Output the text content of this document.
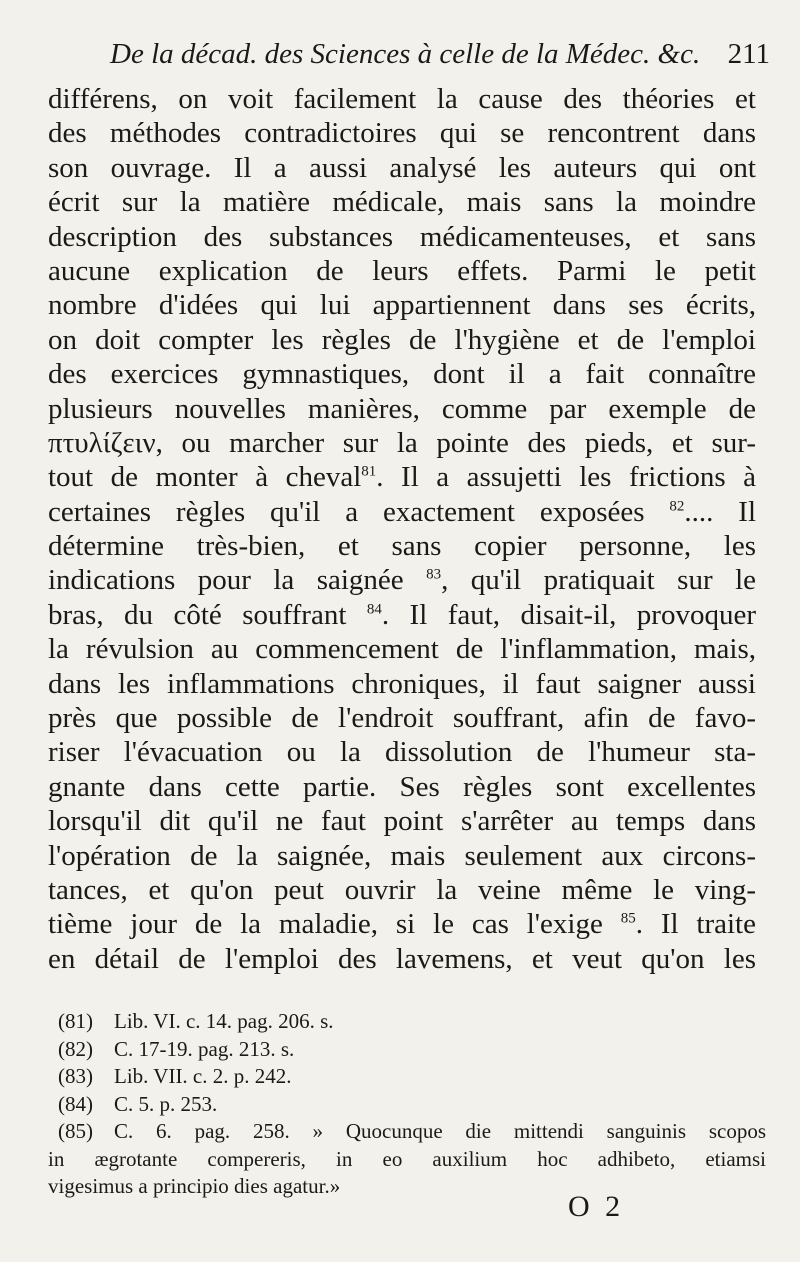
De la décad. des Sciences à celle de la Médec. &c. 211
différens, on voit facilement la cause des théories et
des méthodes contradictoires qui se rencontrent dans
son ouvrage. Il a aussi analysé les auteurs qui ont
écrit sur la matière médicale, mais sans la moindre
description des substances médicamenteuses, et sans
aucune explication de leurs effets. Parmi le petit
nombre d'idées qui lui appartiennent dans ses écrits,
on doit compter les règles de l'hygiène et de l'emploi
des exercices gymnastiques, dont il a fait connaître
plusieurs nouvelles manières, comme par exemple de
πτυλίζειν, ou marcher sur la pointe des pieds, et sur-
tout de monter à cheval$^{81}$. Il a assujetti les frictions à
certaines règles qu'il a exactement exposées $^{82}$.... Il
détermine très-bien, et sans copier personne, les
indications pour la saignée $^{83}$, qu'il pratiquait sur le
bras, du côté souffrant $^{84}$. Il faut, disait-il, provoquer
la révulsion au commencement de l'inflammation, mais,
dans les inflammations chroniques, il faut saigner aussi
près que possible de l'endroit souffrant, afin de favo-
riser l'évacuation ou la dissolution de l'humeur sta-
gnante dans cette partie. Ses règles sont excellentes
lorsqu'il dit qu'il ne faut point s'arrêter au temps dans
l'opération de la saignée, mais seulement aux circons-
tances, et qu'on peut ouvrir la veine même le ving-
tième jour de la maladie, si le cas l'exige $^{85}$. Il traite
en détail de l'emploi des lavemens, et veut qu'on les
(81) Lib. VI. c. 14. pag. 206. s.
(82) C. 17-19. pag. 213. s.
(83) Lib. VII. c. 2. p. 242.
(84) C. 5. p. 253.
(85) C. 6. pag. 258. » Quocunque die mittendi sanguinis scopos
in ægrotante compereris, in eo auxilium hoc adhibeto, etiamsi
vigesimus a principio dies agatur.»
O 2
